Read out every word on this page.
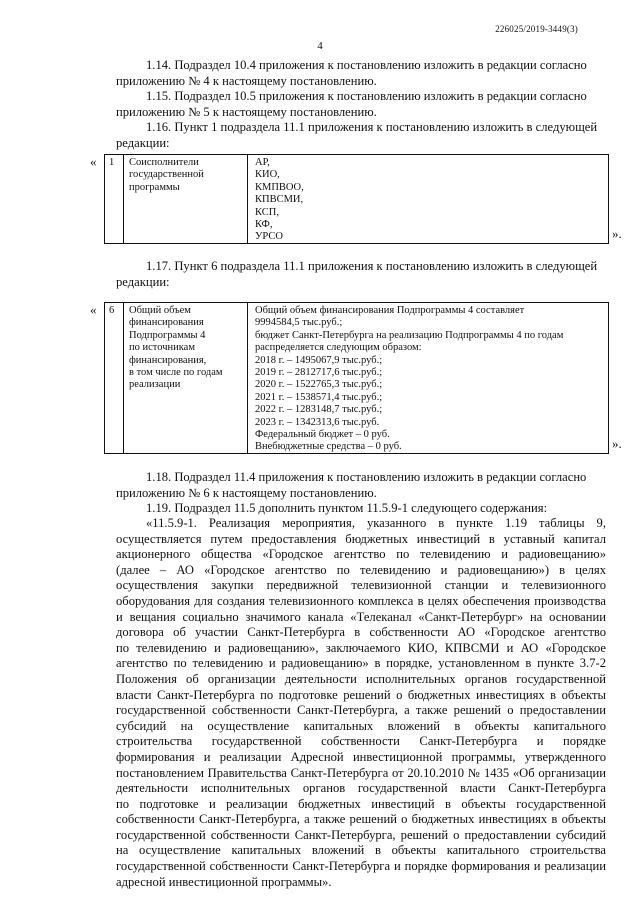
226025/2019-3449(3)
4
1.14. Подраздел 10.4 приложения к постановлению изложить в редакции согласно
приложению № 4 к настоящему постановлению.
1.15. Подраздел 10.5 приложения к постановлению изложить в редакции согласно
приложению № 5 к настоящему постановлению.
1.16. Пункт 1 подраздела 11.1 приложения к постановлению изложить в следующей
редакции:
« 1 Соисполнители
государственной
программы
АР,
КИО,
КМПВОО,
КПВСМИ,
КСП,
КФ,
УРСО	».
1.17. Пункт 6 подраздела 11.1 приложения к постановлению изложить в следующей
редакции:
« 6 Общий объем
финансирования
Подпрограммы 4
по источникам
финансирования,
в том числе по годам
реализации
Общий объем финансирования Подпрограммы 4 составляет
9994584,5 тыс.руб.;
бюджет Санкт-Петербурга на реализацию Подпрограммы 4 по годам
распределяется следующим образом:
2018 г. – 1495067,9 тыс.руб.;
2019 г. – 2812717,6 тыс.руб.;
2020 г. – 1522765,3 тыс.руб.;
2021 г. – 1538571,4 тыс.руб.;
2022 г. – 1283148,7 тыс.руб.;
2023 г. – 1342313,6 тыс.руб.
Федеральный бюджет – 0 руб.
Внебюджетные средства – 0 руб.	».
1.18. Подраздел 11.4 приложения к постановлению изложить в редакции согласно
приложению № 6 к настоящему постановлению.
1.19. Подраздел 11.5 дополнить пунктом 11.5.9-1 следующего содержания:
«11.5.9-1. Реализация мероприятия, указанного в пункте 1.19 таблицы 9,
осуществляется путем предоставления бюджетных инвестиций в уставный капитал
акционерного общества «Городское агентство по телевидению и радиовещанию»
(далее – АО «Городское агентство по телевидению и радиовещанию») в целях
осуществления закупки передвижной телевизионной станции и телевизионного
оборудования для создания телевизионного комплекса в целях обеспечения производства
и вещания социально значимого канала «Телеканал «Санкт-Петербург» на основании
договора об участии Санкт-Петербурга в собственности АО «Городское агентство
по телевидению и радиовещанию», заключаемого КИО, КПВСМИ и АО «Городское
агентство по телевидению и радиовещанию» в порядке, установленном в пункте 3.7-2
Положения об организации деятельности исполнительных органов государственной
власти Санкт-Петербурга по подготовке решений о бюджетных инвестициях в объекты
государственной собственности Санкт-Петербурга, а также решений о предоставлении
субсидий на осуществление капитальных вложений в объекты капитального
строительства государственной собственности Санкт-Петербурга и порядке
формирования и реализации Адресной инвестиционной программы, утвержденного
постановлением Правительства Санкт-Петербурга от 20.10.2010 № 1435 «Об организации
деятельности исполнительных органов государственной власти Санкт-Петербурга
по подготовке и реализации бюджетных инвестиций в объекты государственной
собственности Санкт-Петербурга, а также решений о бюджетных инвестициях в объекты
государственной собственности Санкт-Петербурга, решений о предоставлении субсидий
на осуществление капитальных вложений в объекты капитального строительства
государственной собственности Санкт-Петербурга и порядке формирования и реализации
адресной инвестиционной программы».
